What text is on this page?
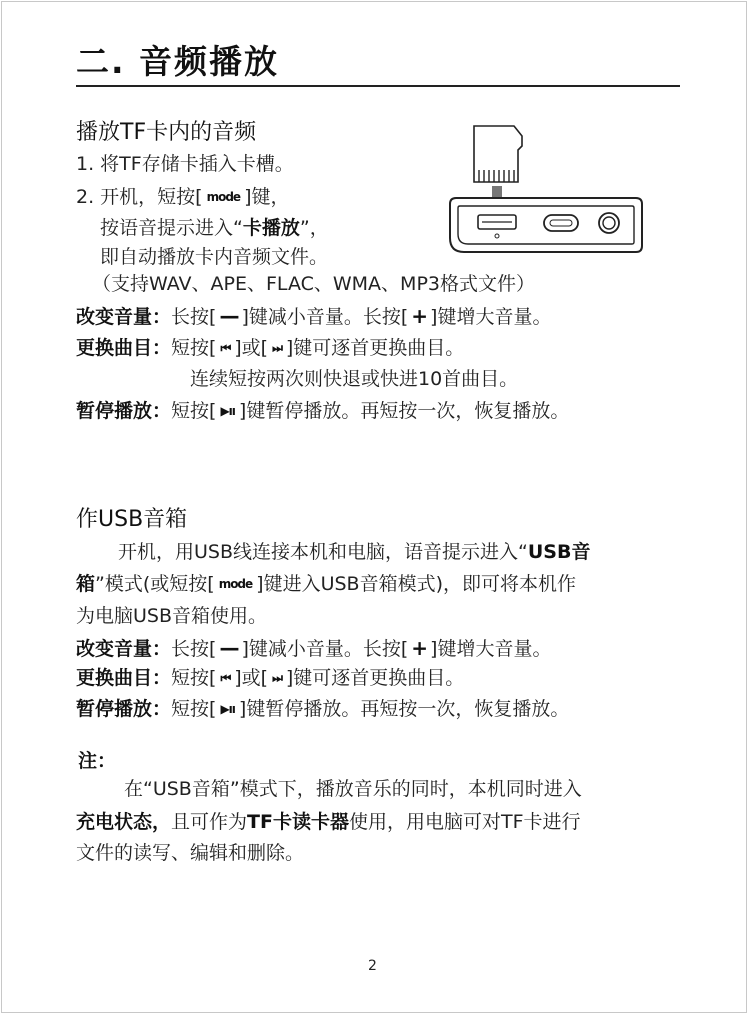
二. 音频播放
播放TF卡内的音频
1. 将TF存储卡插入卡槽。
2. 开机，短按[ mode ]键，
按语音提示进入“卡播放”，
即自动播放卡内音频文件。
（支持WAV、APE、FLAC、WMA、MP3格式文件）
改变音量：长按[ — ]键减小音量。长按[ + ]键增大音量。
更换曲目：短按[ ⏮ ]或[ ⏭ ]键可逐首更换曲目。
连续短按两次则快退或快进10首曲目。
暂停播放：短按[ ▶ıı ]键暂停播放。再短按一次，恢复播放。
作USB音箱
开机，用USB线连接本机和电脑，语音提示进入“USB音
箱”模式(或短按[ mode ]键进入USB音箱模式)，即可将本机作
为电脑USB音箱使用。
改变音量：长按[ — ]键减小音量。长按[ + ]键增大音量。
更换曲目：短按[ ⏮ ]或[ ⏭ ]键可逐首更换曲目。
暂停播放：短按[ ▶ıı ]键暂停播放。再短按一次，恢复播放。
注：
在“USB音箱”模式下，播放音乐的同时，本机同时进入
充电状态，且可作为TF卡读卡器使用，用电脑可对TF卡进行
文件的读写、编辑和删除。
2
